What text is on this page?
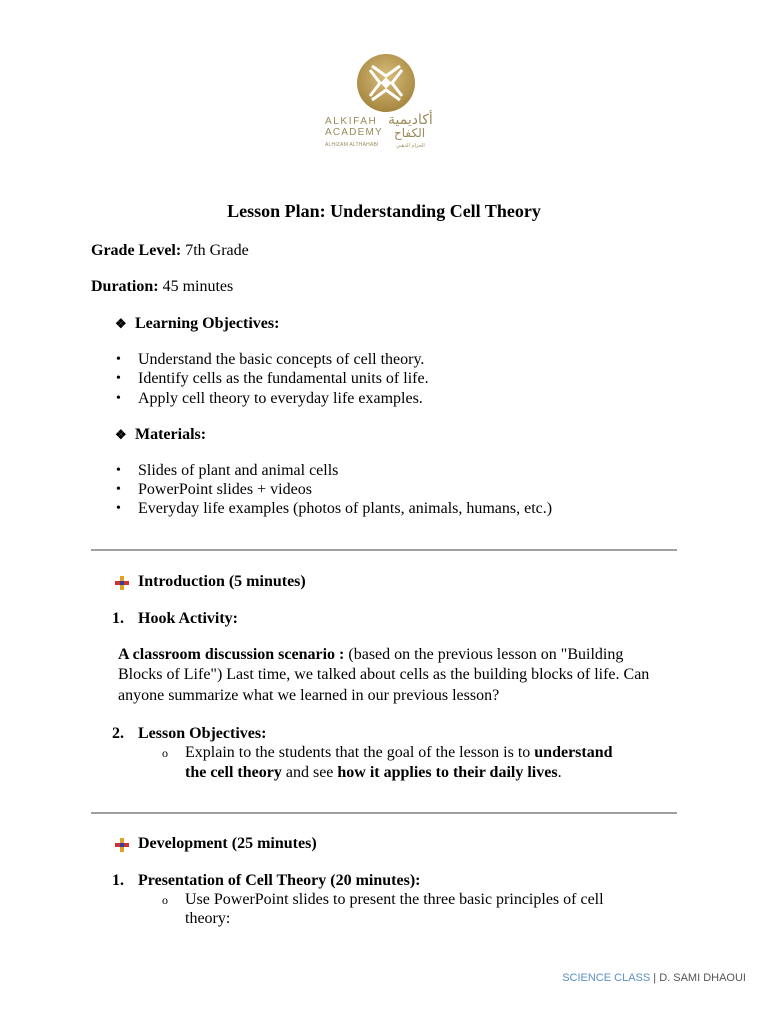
ALKIFAH
ACADEMY
ALHIZAM ALTHAHABI
أكاديمية
الكفاح
الحزام الذهبي
Lesson Plan: Understanding Cell Theory
Grade Level: 7th Grade
Duration: 45 minutes
❖ Learning Objectives:
• Understand the basic concepts of cell theory.
• Identify cells as the fundamental units of life.
• Apply cell theory to everyday life examples.
❖ Materials:
• Slides of plant and animal cells
• PowerPoint slides + videos
• Everyday life examples (photos of plants, animals, humans, etc.)
Introduction (5 minutes)
1. Hook Activity:
A classroom discussion scenario : (based on the previous lesson on "Building
Blocks of Life") Last time, we talked about cells as the building blocks of life. Can
anyone summarize what we learned in our previous lesson?
2. Lesson Objectives:
o Explain to the students that the goal of the lesson is to understand
the cell theory and see how it applies to their daily lives.
Development (25 minutes)
1. Presentation of Cell Theory (20 minutes):
o Use PowerPoint slides to present the three basic principles of cell
theory:
SCIENCE CLASS | D. SAMI DHAOUI
